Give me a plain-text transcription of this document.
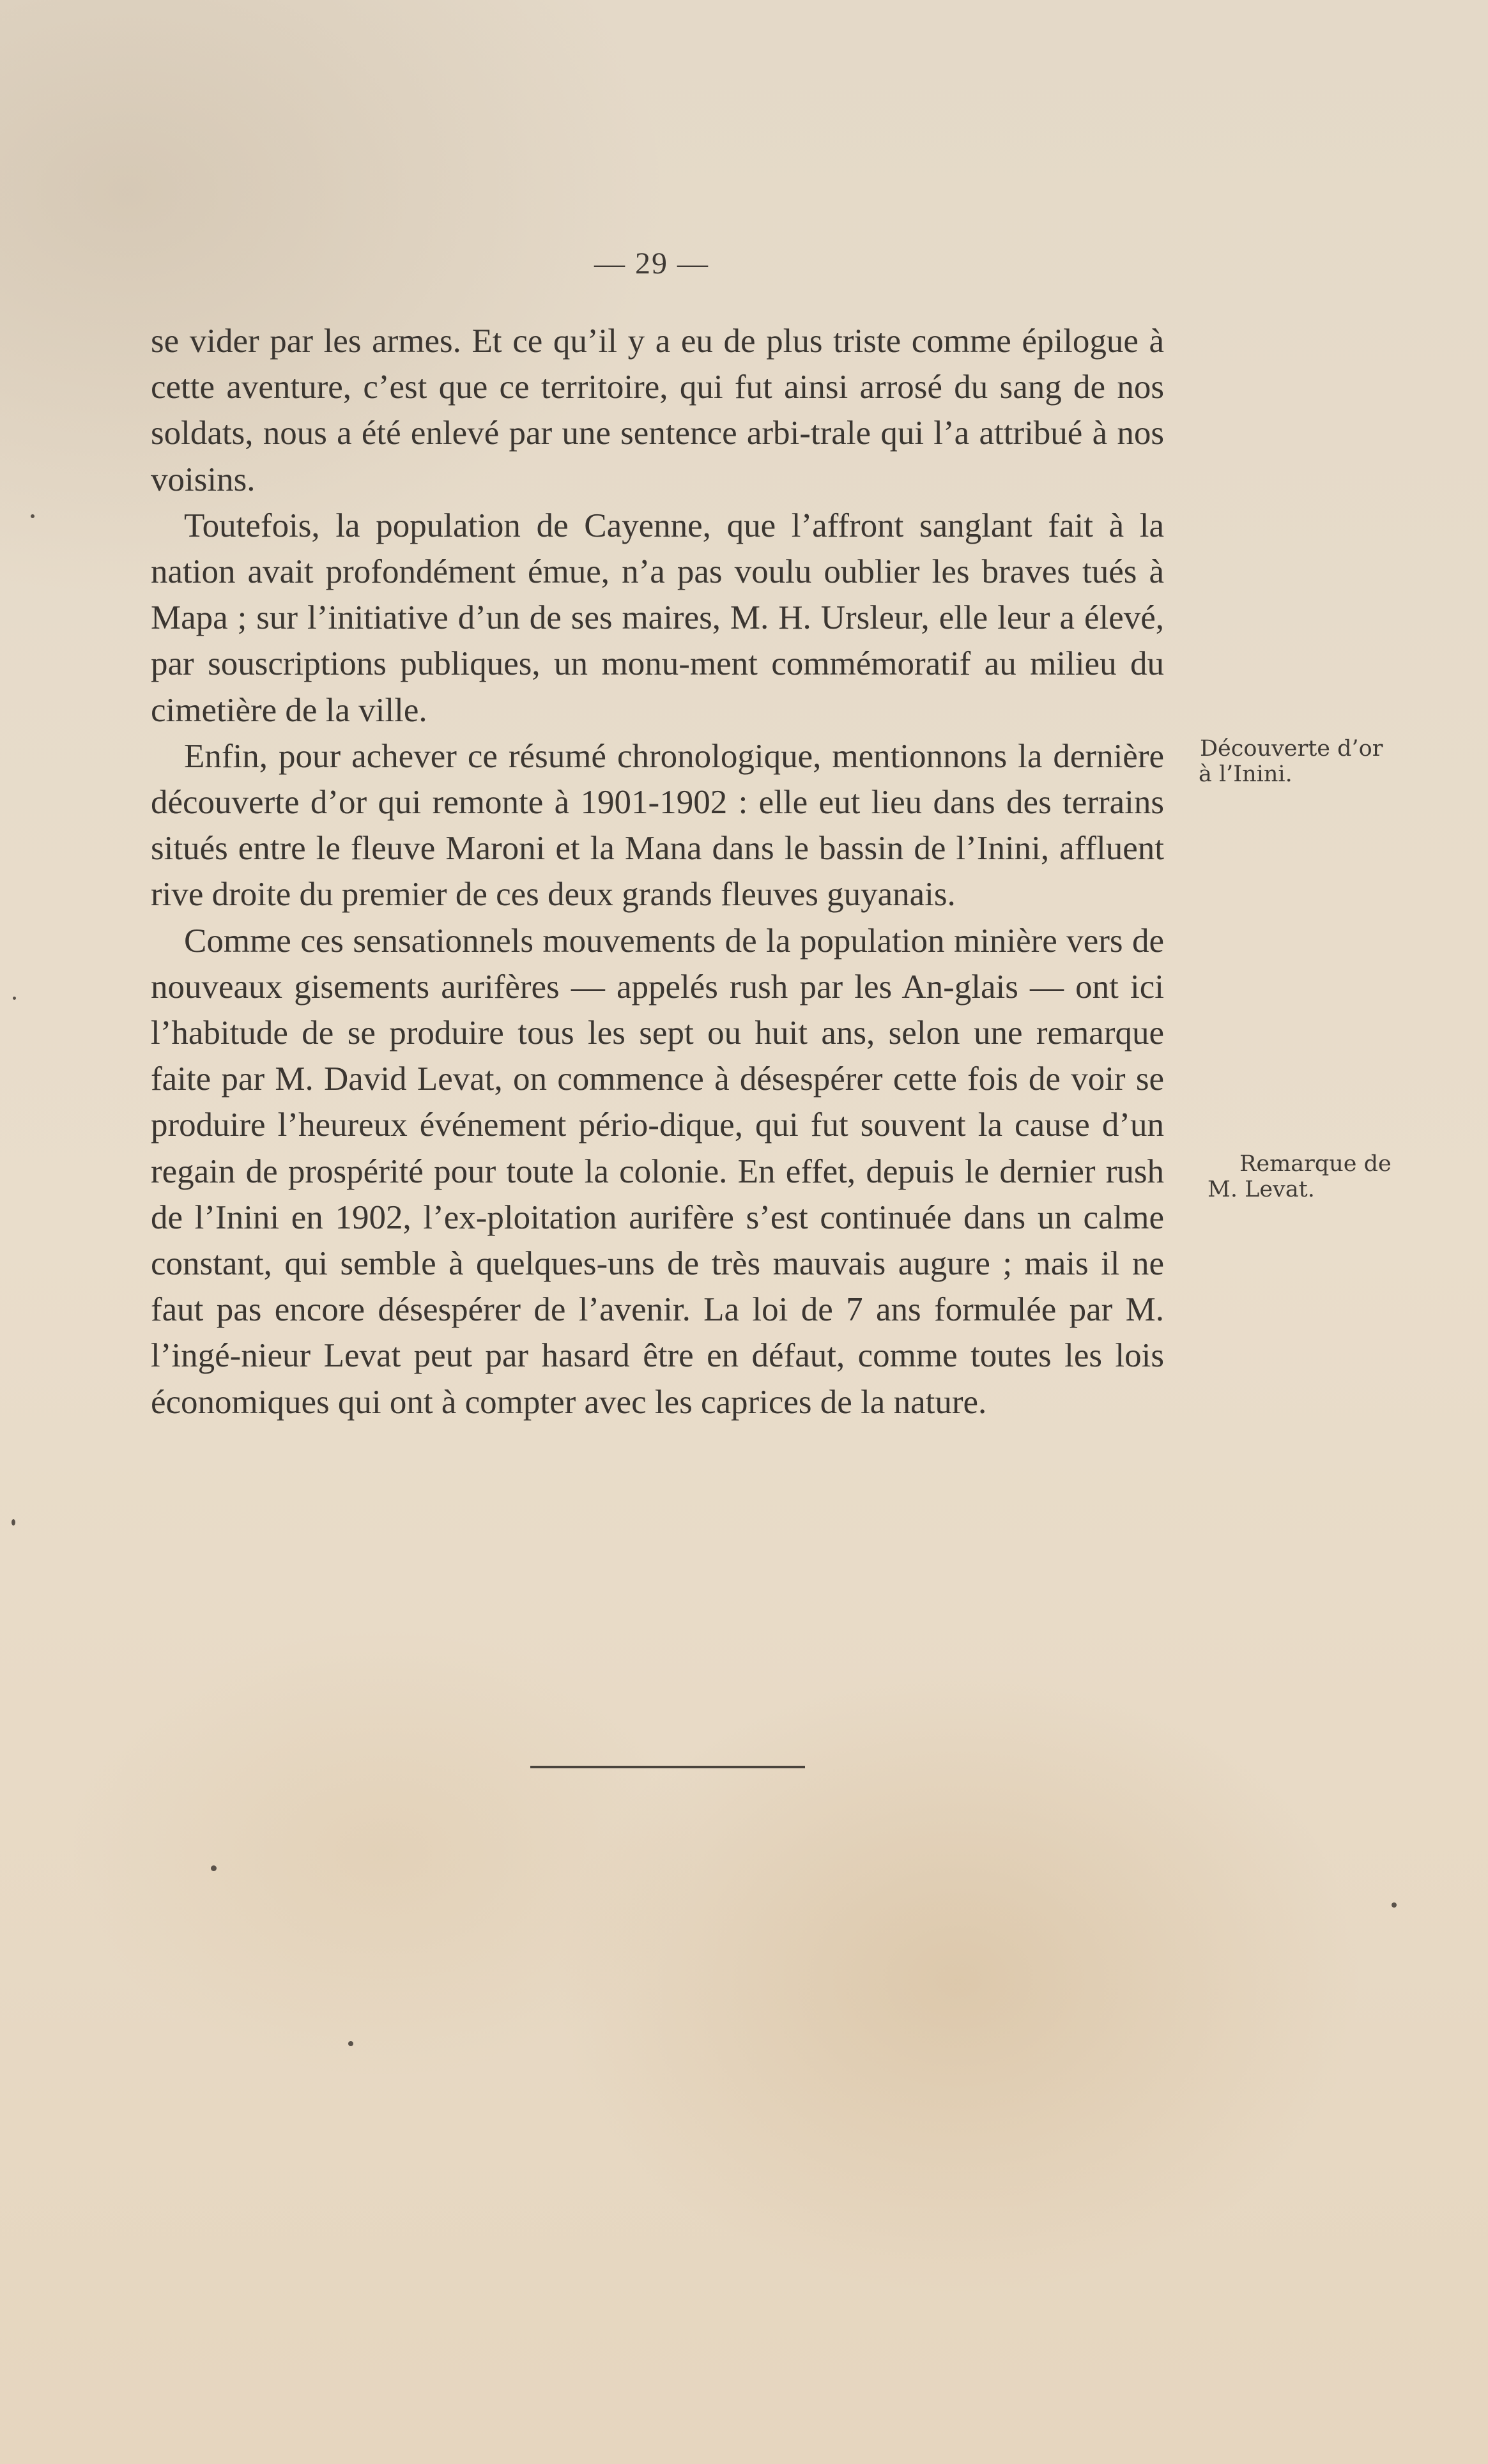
— 29 —

se vider par les armes. Et ce qu’il y a eu de plus triste comme épilogue à cette aventure, c’est que ce territoire, qui fut ainsi arrosé du sang de nos soldats, nous a été enlevé par une sentence arbi-trale qui l’a attribué à nos voisins.

Toutefois, la population de Cayenne, que l’affront sanglant fait à la nation avait profondément émue, n’a pas voulu oublier les braves tués à Mapa ; sur l’initiative d’un de ses maires, M. H. Ursleur, elle leur a élevé, par souscriptions publiques, un monu-ment commémoratif au milieu du cimetière de la ville.

Enfin, pour achever ce résumé chronologique, mentionnons la dernière découverte d’or qui remonte à 1901-1902 : elle eut lieu dans des terrains situés entre le fleuve Maroni et la Mana dans le bassin de l’Inini, affluent rive droite du premier de ces deux grands fleuves guyanais.

Comme ces sensationnels mouvements de la population minière vers de nouveaux gisements aurifères — appelés rush par les An-glais — ont ici l’habitude de se produire tous les sept ou huit ans, selon une remarque faite par M. David Levat, on commence à désespérer cette fois de voir se produire l’heureux événement pério-dique, qui fut souvent la cause d’un regain de prospérité pour toute la colonie. En effet, depuis le dernier rush de l’Inini en 1902, l’ex-ploitation aurifère s’est continuée dans un calme constant, qui semble à quelques-uns de très mauvais augure ; mais il ne faut pas encore désespérer de l’avenir. La loi de 7 ans formulée par M. l’ingé-nieur Levat peut par hasard être en défaut, comme toutes les lois économiques qui ont à compter avec les caprices de la nature.

Découverte d’or
à l’Inini.
Remarque de
M. Levat.
